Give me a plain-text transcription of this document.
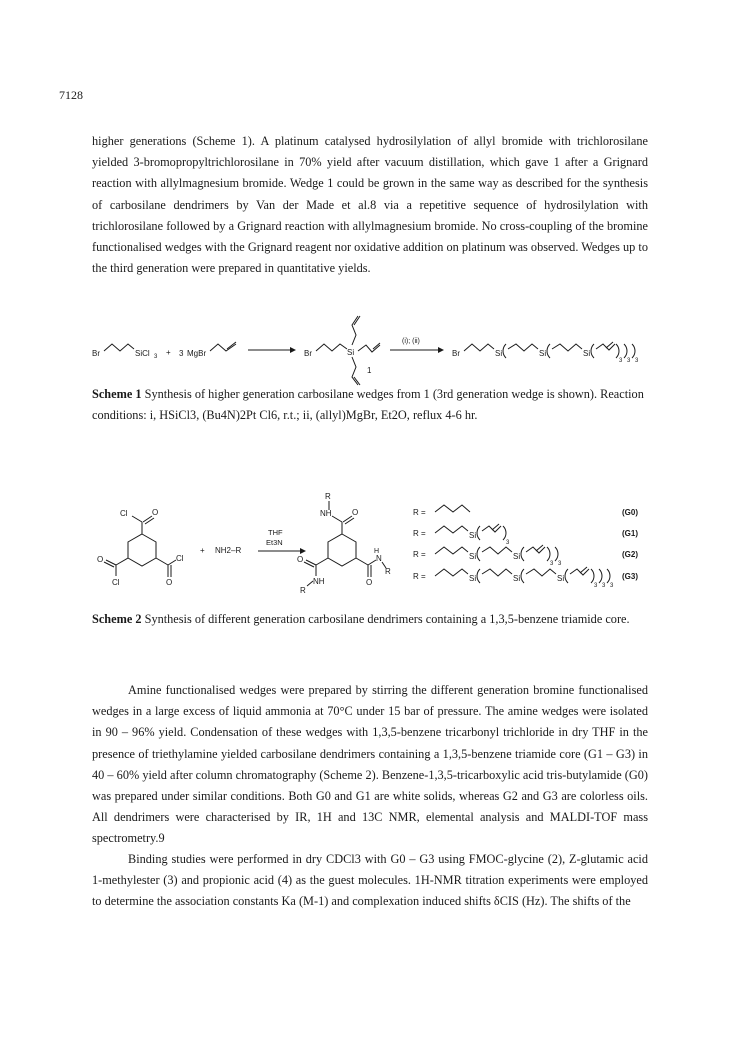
7128

higher generations (Scheme 1). A platinum catalysed hydrosilylation of allyl bromide with trichlorosilane yielded 3-bromopropyltrichlorosilane in 70% yield after vacuum distillation, which gave 1 after a Grignard reaction with allylmagnesium bromide. Wedge 1 could be grown in the same way as described for the synthesis of carbosilane dendrimers by Van der Made et al.8 via a repetitive sequence of hydrosilylation with trichlorosilane followed by a Grignard reaction with allylmagnesium bromide. No cross-coupling of the bromine functionalised wedges with the Grignard reagent nor oxidative addition on platinum was observed. Wedges up to the third generation were prepared in quantitative yields.

Br	SiCl 3 + 3 MgBr	Br	Si
1
(i); (ii)
Br	Si	Si	Si
3 3 3
Cl	O
Cl
O
O
Cl
+ NH2–R
THF
Et3N
NH	O
R
H
N
R
O
O
NH
R
R =	(G0)
R =	Si
3
(G1)
R =	Si	Si
3 3
(G2)
R =	Si	Si	Si
3 3 3
(G3)

Scheme 1 Synthesis of higher generation carbosilane wedges from 1 (3rd generation wedge is shown). Reaction conditions: i, HSiCl3, (Bu4N)2Pt Cl6, r.t.; ii, (allyl)MgBr, Et2O, reflux 4-6 hr.

Scheme 2 Synthesis of different generation carbosilane dendrimers containing a 1,3,5-benzene triamide core.

Amine functionalised wedges were prepared by stirring the different generation bromine functionalised wedges in a large excess of liquid ammonia at 70°C under 15 bar of pressure. The amine wedges were isolated in 90 – 96% yield. Condensation of these wedges with 1,3,5-benzene tricarbonyl trichloride in dry THF in the presence of triethylamine yielded carbosilane dendrimers containing a 1,3,5-benzene triamide core (G1 – G3) in 40 – 60% yield after column chromatography (Scheme 2). Benzene-1,3,5-tricarboxylic acid tris-butylamide (G0) was prepared under similar conditions. Both G0 and G1 are white solids, whereas G2 and G3 are colorless oils. All dendrimers were characterised by IR, 1H and 13C NMR, elemental analysis and MALDI-TOF mass spectrometry.9

Binding studies were performed in dry CDCl3 with G0 – G3 using FMOC-glycine (2), Z-glutamic acid 1-methylester (3) and propionic acid (4) as the guest molecules. 1H-NMR titration experiments were employed to determine the association constants Ka (M-1) and complexation induced shifts δCIS (Hz). The shifts of the
